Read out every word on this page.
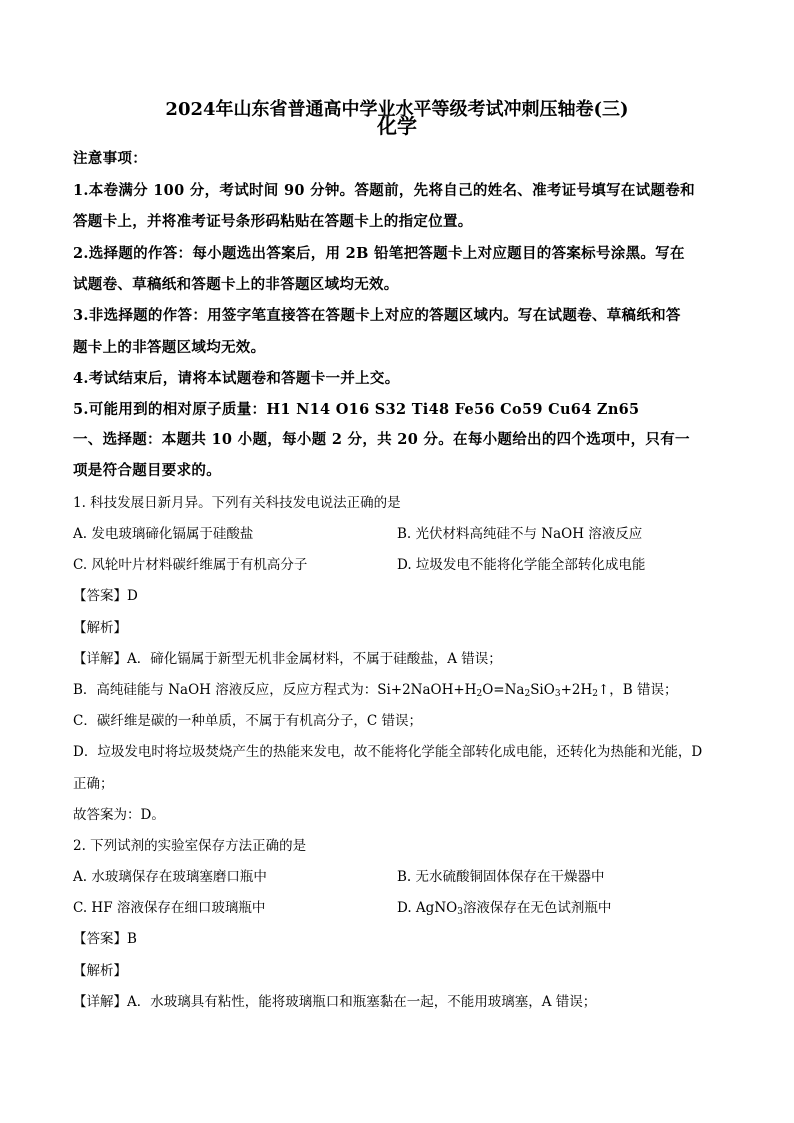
2024年山东省普通高中学业水平等级考试冲刺压轴卷(三)
化学
注意事项：
1.本卷满分 100 分，考试时间 90 分钟。答题前，先将自己的姓名、准考证号填写在试题卷和
答题卡上，并将准考证号条形码粘贴在答题卡上的指定位置。
2.选择题的作答：每小题选出答案后，用 2B 铅笔把答题卡上对应题目的答案标号涂黑。写在
试题卷、草稿纸和答题卡上的非答题区域均无效。
3.非选择题的作答：用签字笔直接答在答题卡上对应的答题区域内。写在试题卷、草稿纸和答
题卡上的非答题区域均无效。
4.考试结束后，请将本试题卷和答题卡一并上交。
5.可能用到的相对原子质量：H1 N14 O16 S32 Ti48 Fe56 Co59 Cu64 Zn65
一、选择题：本题共 10 小题，每小题 2 分，共 20 分。在每小题给出的四个选项中，只有一
项是符合题目要求的。
1. 科技发展日新月异。下列有关科技发电说法正确的是
A. 发电玻璃碲化镉属于硅酸盐	B. 光伏材料高纯硅不与 NaOH 溶液反应
C. 风轮叶片材料碳纤维属于有机高分子	D. 垃圾发电不能将化学能全部转化成电能
【答案】D
【解析】
【详解】A．碲化镉属于新型无机非金属材料，不属于硅酸盐，A 错误；
B．高纯硅能与 NaOH 溶液反应，反应方程式为：$Si+2NaOH+H_2O=Na_2SiO_3+2H_2↑$，B 错误；
C．碳纤维是碳的一种单质，不属于有机高分子，C 错误；
D．垃圾发电时将垃圾焚烧产生的热能来发电，故不能将化学能全部转化成电能，还转化为热能和光能，D
正确；
故答案为：D。
2. 下列试剂的实验室保存方法正确的是
A. 水玻璃保存在玻璃塞磨口瓶中	B. 无水硫酸铜固体保存在干燥器中
C. HF 溶液保存在细口玻璃瓶中	D. AgNO$_3$溶液保存在无色试剂瓶中
【答案】B
【解析】
【详解】A．水玻璃具有粘性，能将玻璃瓶口和瓶塞黏在一起，不能用玻璃塞，A 错误；
